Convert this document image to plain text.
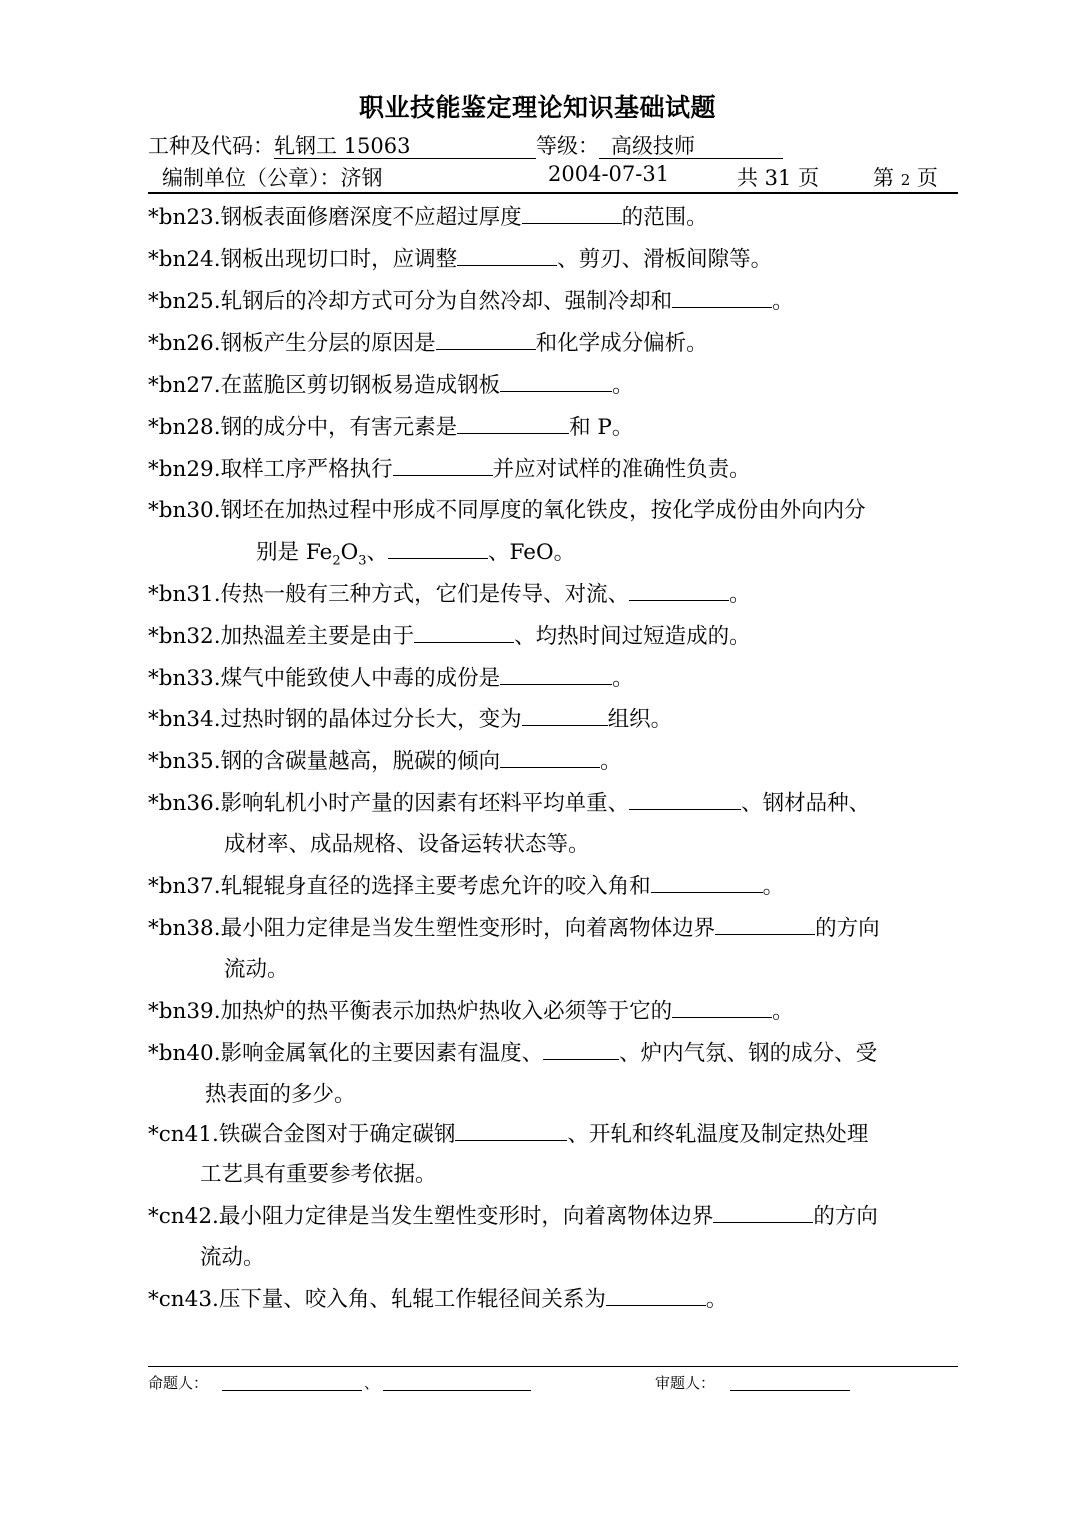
职业技能鉴定理论知识基础试题
工种及代码：轧钢工 15063	等级： 高级技师
编制单位（公章）：济钢	2004-07-31	共 31 页	第 2 页
*bn23.钢板表面修磨深度不应超过厚度	的范围。
*bn24.钢板出现切口时，应调整	、剪刃、滑板间隙等。
*bn25.轧钢后的冷却方式可分为自然冷却、强制冷却和	。
*bn26.钢板产生分层的原因是	和化学成分偏析。
*bn27.在蓝脆区剪切钢板易造成钢板	。
*bn28.钢的成分中，有害元素是	和 P。
*bn29.取样工序严格执行	并应对试样的准确性负责。
*bn30.钢坯在加热过程中形成不同厚度的氧化铁皮，按化学成份由外向内分
别是 $Fe_2O_3$、	、FeO。
*bn31.传热一般有三种方式，它们是传导、对流、	。
*bn32.加热温差主要是由于	、均热时间过短造成的。
*bn33.煤气中能致使人中毒的成份是	。
*bn34.过热时钢的晶体过分长大，变为	组织。
*bn35.钢的含碳量越高，脱碳的倾向	。
*bn36.影响轧机小时产量的因素有坯料平均单重、	、钢材品种、
成材率、成品规格、设备运转状态等。
*bn37.轧辊辊身直径的选择主要考虑允许的咬入角和	。
*bn38.最小阻力定律是当发生塑性变形时，向着离物体边界	的方向
流动。
*bn39.加热炉的热平衡表示加热炉热收入必须等于它的	。
*bn40.影响金属氧化的主要因素有温度、	、炉内气氛、钢的成分、受
热表面的多少。
*cn41.铁碳合金图对于确定碳钢	、开轧和终轧温度及制定热处理
工艺具有重要参考依据。
*cn42.最小阻力定律是当发生塑性变形时，向着离物体边界	的方向
流动。
*cn43.压下量、咬入角、轧辊工作辊径间关系为	。
命题人：	、	审题人：
